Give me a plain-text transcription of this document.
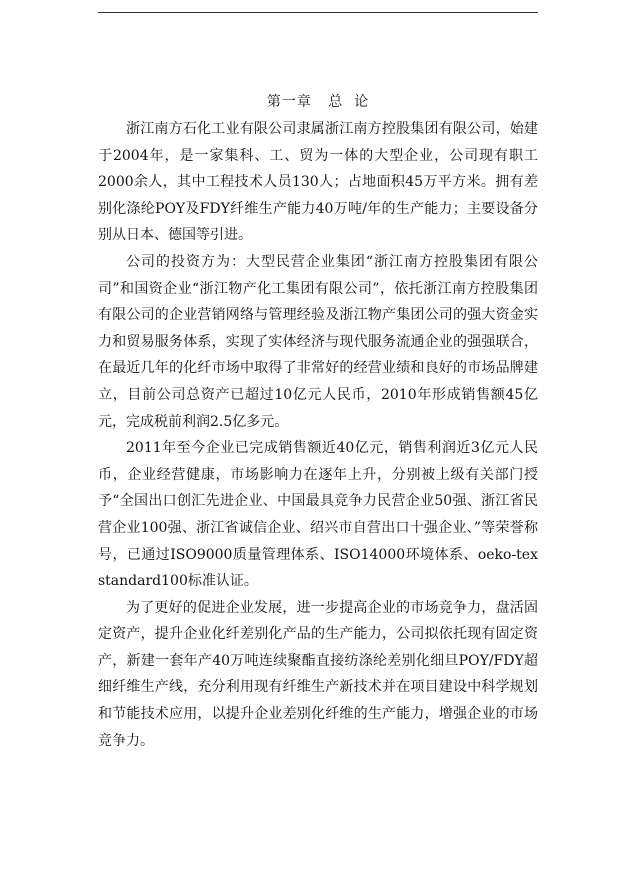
第一章   总  论

浙江南方石化工业有限公司隶属浙江南方控股集团有限公司，始建于2004年，是一家集科、工、贸为一体的大型企业，公司现有职工2000余人，其中工程技术人员130人；占地面积45万平方米。拥有差别化涤纶POY及FDY纤维生产能力40万吨/年的生产能力；主要设备分别从日本、德国等引进。

公司的投资方为：大型民营企业集团“浙江南方控股集团有限公司”和国资企业“浙江物产化工集团有限公司”，依托浙江南方控股集团有限公司的企业营销网络与管理经验及浙江物产集团公司的强大资金实力和贸易服务体系，实现了实体经济与现代服务流通企业的强强联合，在最近几年的化纤市场中取得了非常好的经营业绩和良好的市场品牌建立，目前公司总资产已超过10亿元人民币，2010年形成销售额45亿元，完成税前利润2.5亿多元。

2011年至今企业已完成销售额近40亿元，销售利润近3亿元人民币，企业经营健康，市场影响力在逐年上升，分别被上级有关部门授予“全国出口创汇先进企业、中国最具竞争力民营企业50强、浙江省民营企业100强、浙江省诚信企业、绍兴市自营出口十强企业、”等荣誉称号，已通过ISO9000质量管理体系、ISO14000环境体系、oeko-tex standard100标准认证。

为了更好的促进企业发展，进一步提高企业的市场竞争力，盘活固定资产，提升企业化纤差别化产品的生产能力，公司拟依托现有固定资产，新建一套年产40万吨连续聚酯直接纺涤纶差别化细旦POY/FDY超细纤维生产线，充分利用现有纤维生产新技术并在项目建设中科学规划和节能技术应用，以提升企业差别化纤维的生产能力，增强企业的市场竞争力。
